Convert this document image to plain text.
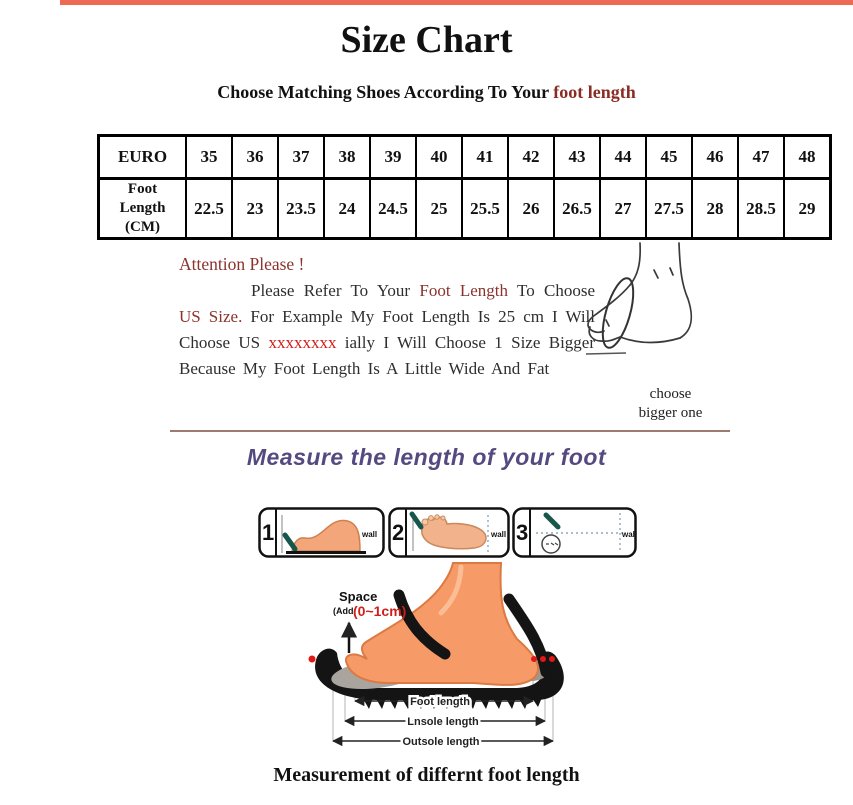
Size Chart
Choose Matching Shoes According To Your foot length
EURO	35	36	37	38	39	40	41	42	43	44	45	46	47	48

Foot
Length
(CM)	22.5	23	23.5	24	24.5	25	25.5	26	26.5	27	27.5	28	28.5	29

Attention Please !

Please Refer To Your Foot Length To Choose US Size. For Example My Foot Length Is 25 cm I Will Choose US xxxxxxxx ially I Will Choose 1 Size Bigger Because My Foot Length Is A Little Wide And Fat

choose
bigger one
Measure the length of your foot
1	wall 2	wall 3	wall
Space
(Add (0~1cm)
Foot length
Lnsole length
Outsole length
Measurement of differnt foot length
